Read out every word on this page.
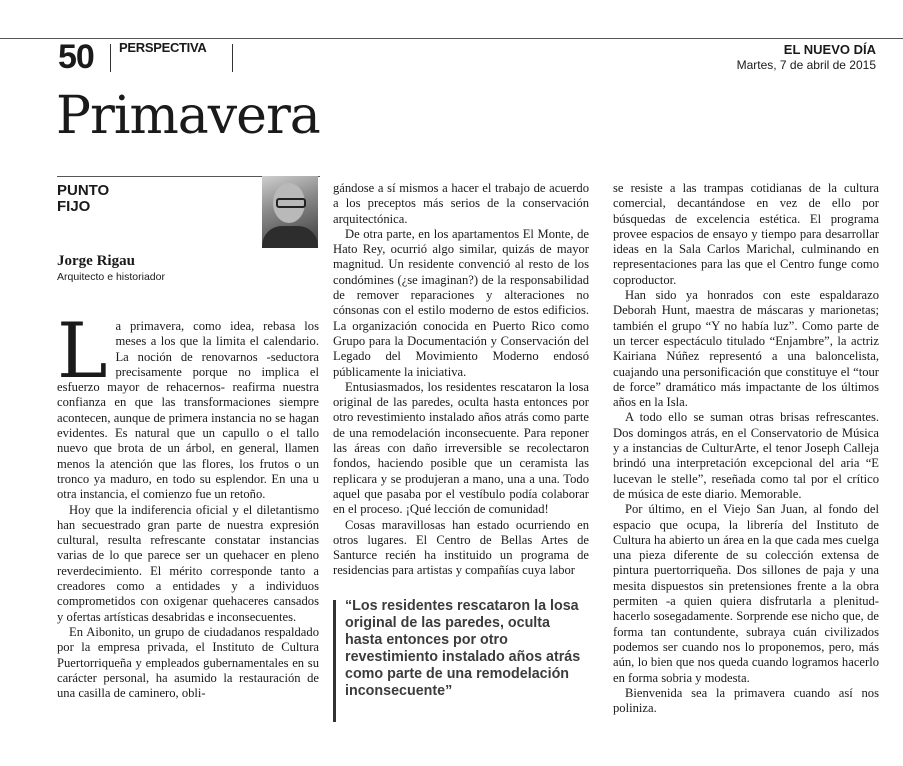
50 PERSPECTIVA	EL NUEVO DÍA
Martes, 7 de abril de 2015
Primavera
PUNTO
FIJO
Jorge Rigau
Arquitecto e historiador

La primavera, como idea, rebasa los meses a los que la limita el calendario. La noción de renovarnos -seductora precisamente porque no implica el esfuerzo mayor de rehacernos- reafirma nuestra confianza en que las transformaciones siempre acontecen, aunque de primera instancia no se hagan evidentes. Es natural que un capullo o el tallo nuevo que brota de un árbol, en general, llamen menos la atención que las flores, los frutos o un tronco ya maduro, en todo su esplendor. En una u otra instancia, el comienzo fue un retoño.

Hoy que la indiferencia oficial y el diletantismo han secuestrado gran parte de nuestra expresión cultural, resulta refrescante constatar instancias varias de lo que parece ser un quehacer en pleno reverdecimiento. El mérito corresponde tanto a creadores como a entidades y a individuos comprometidos con oxigenar quehaceres cansados y ofertas artísticas desabridas e inconsecuentes.

En Aibonito, un grupo de ciudadanos respaldado por la empresa privada, el Instituto de Cultura Puertorriqueña y empleados gubernamentales en su carácter personal, ha asumido la restauración de una casilla de caminero, obli-

gándose a sí mismos a hacer el trabajo de acuerdo a los preceptos más serios de la conservación arquitectónica.

De otra parte, en los apartamentos El Monte, de Hato Rey, ocurrió algo similar, quizás de mayor magnitud. Un residente convenció al resto de los condómines (¿se imaginan?) de la responsabilidad de remover reparaciones y alteraciones no cónsonas con el estilo moderno de estos edificios. La organización conocida en Puerto Rico como Grupo para la Documentación y Conservación del Legado del Movimiento Moderno endosó públicamente la iniciativa.

Entusiasmados, los residentes rescataron la losa original de las paredes, oculta hasta entonces por otro revestimiento instalado años atrás como parte de una remodelación inconsecuente. Para reponer las áreas con daño irreversible se recolectaron fondos, haciendo posible que un ceramista las replicara y se produjeran a mano, una a una. Todo aquel que pasaba por el vestíbulo podía colaborar en el proceso. ¡Qué lección de comunidad!

Cosas maravillosas han estado ocurriendo en otros lugares. El Centro de Bellas Artes de Santurce recién ha instituido un programa de residencias para artistas y compañías cuya labor

“Los residentes rescataron la losa original de las paredes, oculta hasta entonces por otro revestimiento instalado años atrás como parte de una remodelación inconsecuente”

se resiste a las trampas cotidianas de la cultura comercial, decantándose en vez de ello por búsquedas de excelencia estética. El programa provee espacios de ensayo y tiempo para desarrollar ideas en la Sala Carlos Marichal, culminando en representaciones para las que el Centro funge como coproductor.

Han sido ya honrados con este espaldarazo Deborah Hunt, maestra de máscaras y marionetas; también el grupo “Y no había luz”. Como parte de un tercer espectáculo titulado “Enjambre”, la actriz Kairiana Núñez representó a una baloncelista, cuajando una personificación que constituye el “tour de force” dramático más impactante de los últimos años en la Isla.

A todo ello se suman otras brisas refrescantes. Dos domingos atrás, en el Conservatorio de Música y a instancias de CulturArte, el tenor Joseph Calleja brindó una interpretación excepcional del aria “E lucevan le stelle”, reseñada como tal por el crítico de música de este diario. Memorable.

Por último, en el Viejo San Juan, al fondo del espacio que ocupa, la librería del Instituto de Cultura ha abierto un área en la que cada mes cuelga una pieza diferente de su colección extensa de pintura puertorriqueña. Dos sillones de paja y una mesita dispuestos sin pretensiones frente a la obra permiten -a quien quiera disfrutarla a plenitud- hacerlo sosegadamente. Sorprende ese nicho que, de forma tan contundente, subraya cuán civilizados podemos ser cuando nos lo proponemos, pero, más aún, lo bien que nos queda cuando logramos hacerlo en forma sobria y modesta.

Bienvenida sea la primavera cuando así nos poliniza.
